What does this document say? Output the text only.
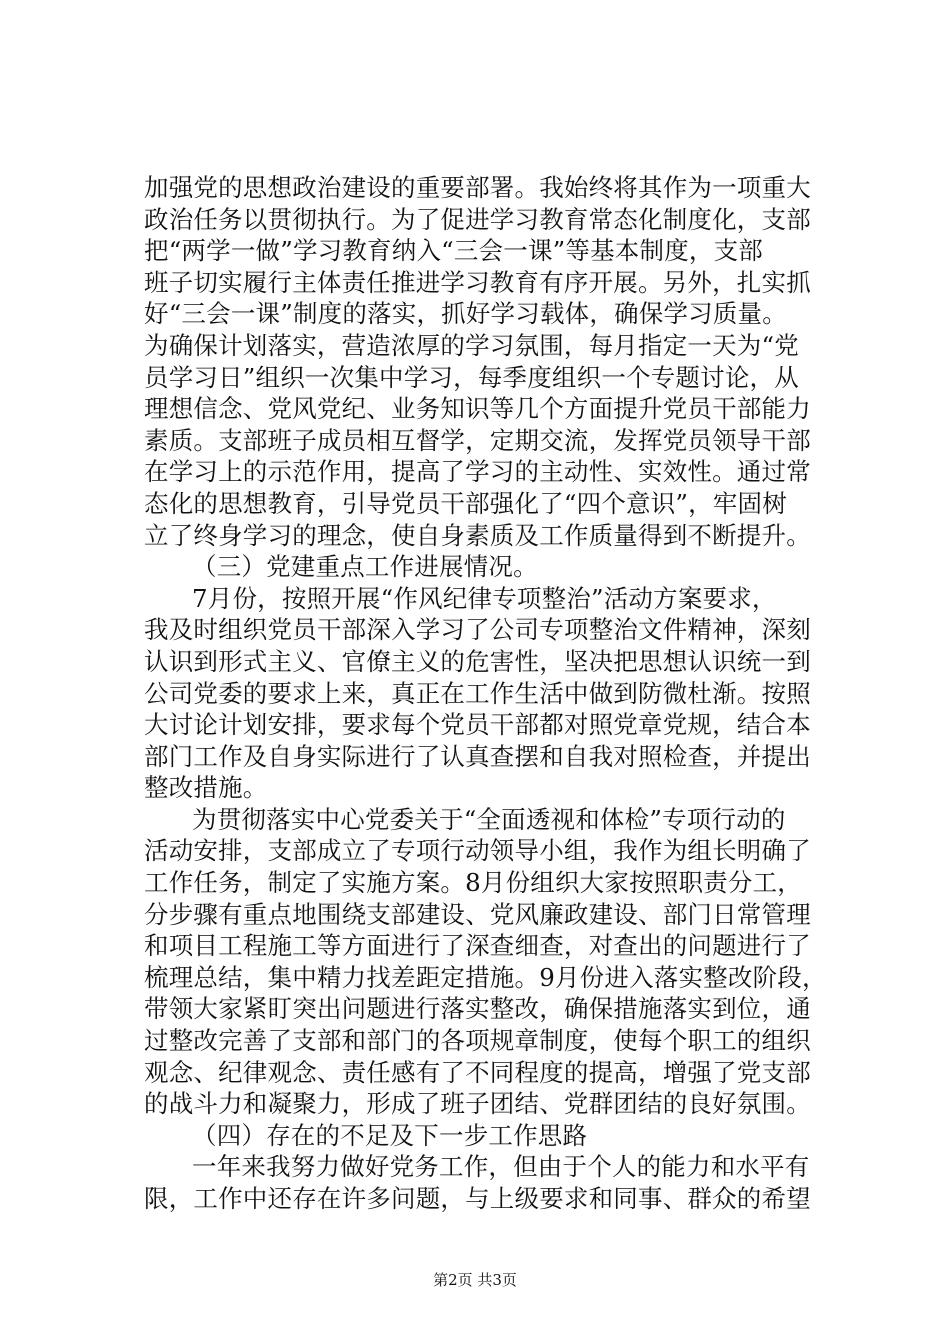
加强党的思想政治建设的重要部署。我始终将其作为一项重大
政治任务以贯彻执行。为了促进学习教育常态化制度化，支部
把“两学一做”学习教育纳入“三会一课”等基本制度，支部
班子切实履行主体责任推进学习教育有序开展。另外，扎实抓
好“三会一课”制度的落实，抓好学习载体，确保学习质量。
为确保计划落实，营造浓厚的学习氛围，每月指定一天为“党
员学习日”组织一次集中学习，每季度组织一个专题讨论，从
理想信念、党风党纪、业务知识等几个方面提升党员干部能力
素质。支部班子成员相互督学，定期交流，发挥党员领导干部
在学习上的示范作用，提高了学习的主动性、实效性。通过常
态化的思想教育，引导党员干部强化了“四个意识”，牢固树
立了终身学习的理念，使自身素质及工作质量得到不断提升。
（三）党建重点工作进展情况。
7月份，按照开展“作风纪律专项整治”活动方案要求，
我及时组织党员干部深入学习了公司专项整治文件精神，深刻
认识到形式主义、官僚主义的危害性，坚决把思想认识统一到
公司党委的要求上来，真正在工作生活中做到防微杜渐。按照
大讨论计划安排，要求每个党员干部都对照党章党规，结合本
部门工作及自身实际进行了认真查摆和自我对照检查，并提出
整改措施。
为贯彻落实中心党委关于“全面透视和体检”专项行动的
活动安排，支部成立了专项行动领导小组，我作为组长明确了
工作任务，制定了实施方案。8月份组织大家按照职责分工，
分步骤有重点地围绕支部建设、党风廉政建设、部门日常管理
和项目工程施工等方面进行了深查细查，对查出的问题进行了
梳理总结，集中精力找差距定措施。9月份进入落实整改阶段，
带领大家紧盯突出问题进行落实整改，确保措施落实到位，通
过整改完善了支部和部门的各项规章制度，使每个职工的组织
观念、纪律观念、责任感有了不同程度的提高，增强了党支部
的战斗力和凝聚力，形成了班子团结、党群团结的良好氛围。
（四）存在的不足及下一步工作思路
一年来我努力做好党务工作，但由于个人的能力和水平有
限，工作中还存在许多问题，与上级要求和同事、群众的希望
第2页 共3页
